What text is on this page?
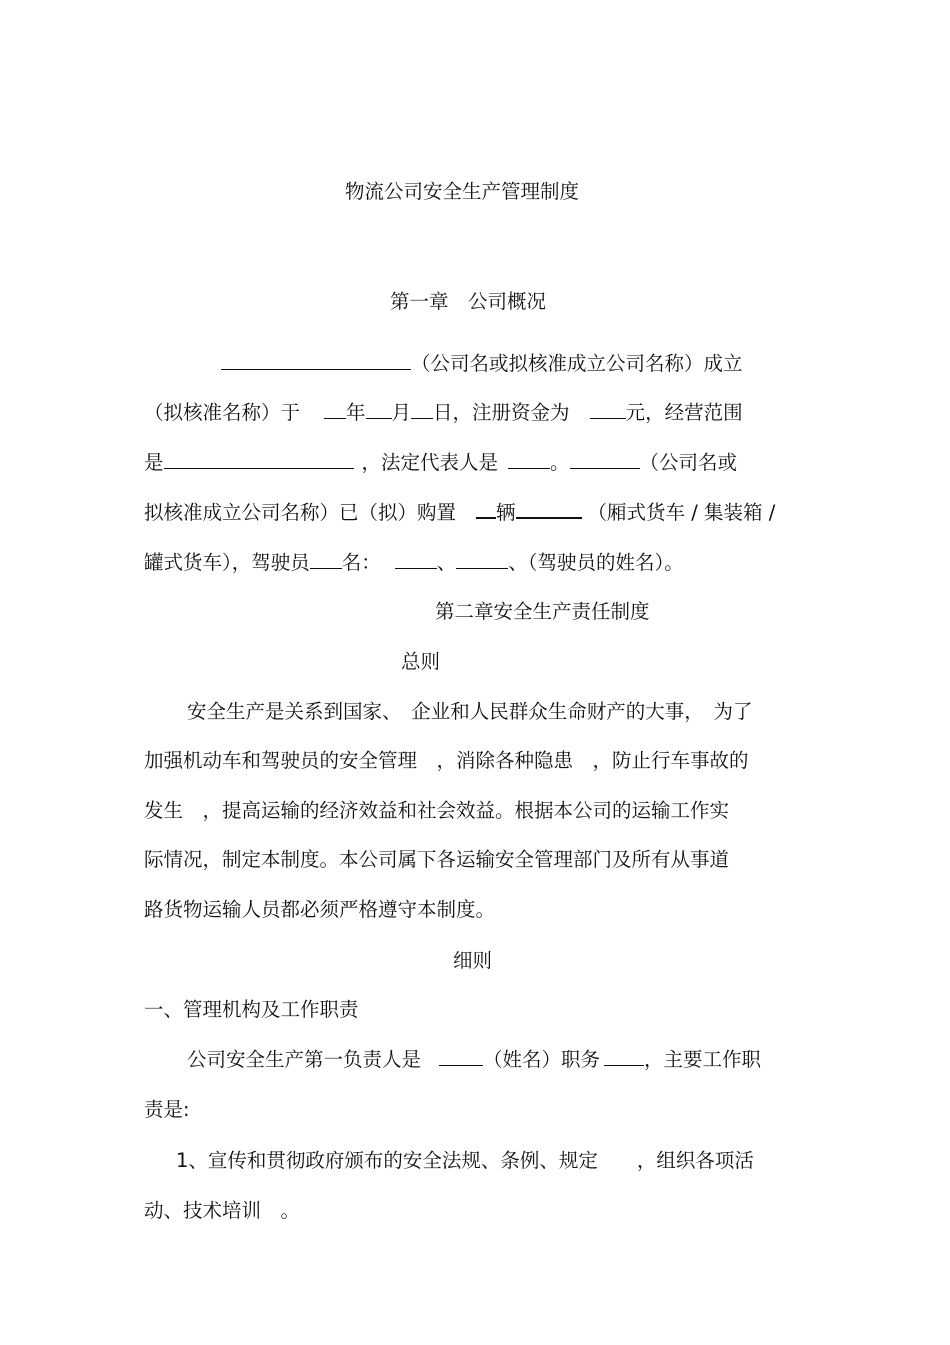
物流公司安全生产管理制度
第一章　公司概况
（公司名或拟核准成立公司名称）成立
（拟核准名称）于 年 月 日，注册资金为	元，经营范围
是	，法定代表人是	。	（公司名或
拟核准成立公司名称）已（拟）购置 辆	（厢式货车 / 集装箱 /
罐式货车），驾驶员 名：	、	、（驾驶员的姓名）。
第二章安全生产责任制度
总则
安全生产是关系到国家、　企业和人民群众生命财产的大事，　为了
加强机动车和驾驶员的安全管理　，消除各种隐患　，防止行车事故的
发生　，提高运输的经济效益和社会效益。根据本公司的运输工作实
际情况，制定本制度。本公司属下各运输安全管理部门及所有从事道
路货物运输人员都必须严格遵守本制度。
细则
一、管理机构及工作职责
公司安全生产第一负责人是	（姓名）职务 ，主要工作职
责是:
1、宣传和贯彻政府颁布的安全法规、条例、规定　　，组织各项活
动、技术培训　。
